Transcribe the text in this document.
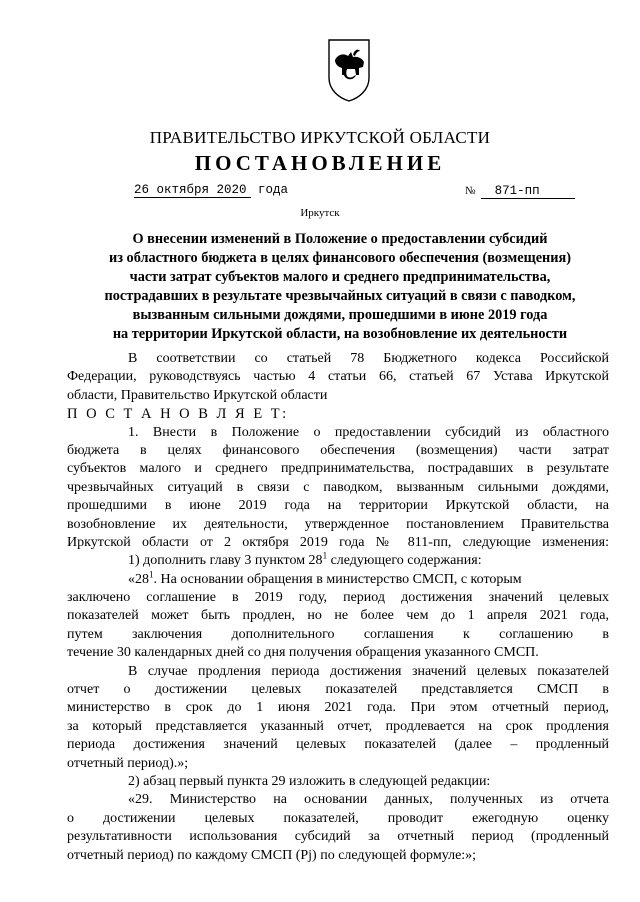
ПРАВИТЕЛЬСТВО ИРКУТСКОЙ ОБЛАСТИ
ПОСТАНОВЛЕНИЕ
26 октября 2020 года	№ 871-пп
Иркутск
О внесении изменений в Положение о предоставлении субсидий
из областного бюджета в целях финансового обеспечения (возмещения)
части затрат субъектов малого и среднего предпринимательства,
пострадавших в результате чрезвычайных ситуаций в связи с паводком,
вызванным сильными дождями, прошедшими в июне 2019 года
на территории Иркутской области, на возобновление их деятельности
В соответствии со статьей 78 Бюджетного кодекса Российской
Федерации, руководствуясь частью 4 статьи 66, статьей 67 Устава Иркутской
области, Правительство Иркутской области
П О С Т А Н О В Л Я Е Т:
1. Внести в Положение о предоставлении субсидий из областного
бюджета в целях финансового обеспечения (возмещения) части затрат
субъектов малого и среднего предпринимательства, пострадавших в результате
чрезвычайных ситуаций в связи с паводком, вызванным сильными дождями,
прошедшими в июне 2019 года на территории Иркутской области, на
возобновление их деятельности, утвержденное постановлением Правительства
Иркутской области от 2 октября 2019 года № 811-пп, следующие изменения:
1) дополнить главу 3 пунктом $28^1$ следующего содержания:
«$28^1$. На основании обращения в министерство СМСП, с которым
заключено соглашение в 2019 году, период достижения значений целевых
показателей может быть продлен, но не более чем до 1 апреля 2021 года,
путем заключения дополнительного соглашения к соглашению в
течение 30 календарных дней со дня получения обращения указанного СМСП.
В случае продления периода достижения значений целевых показателей
отчет о достижении целевых показателей представляется СМСП в
министерство в срок до 1 июня 2021 года. При этом отчетный период,
за который представляется указанный отчет, продлевается на срок продления
периода достижения значений целевых показателей (далее – продленный
отчетный период).»;
2) абзац первый пункта 29 изложить в следующей редакции:
«29. Министерство на основании данных, полученных из отчета
о достижении целевых показателей, проводит ежегодную оценку
результативности использования субсидий за отчетный период (продленный
отчетный период) по каждому СМСП (Pj) по следующей формуле:»;
